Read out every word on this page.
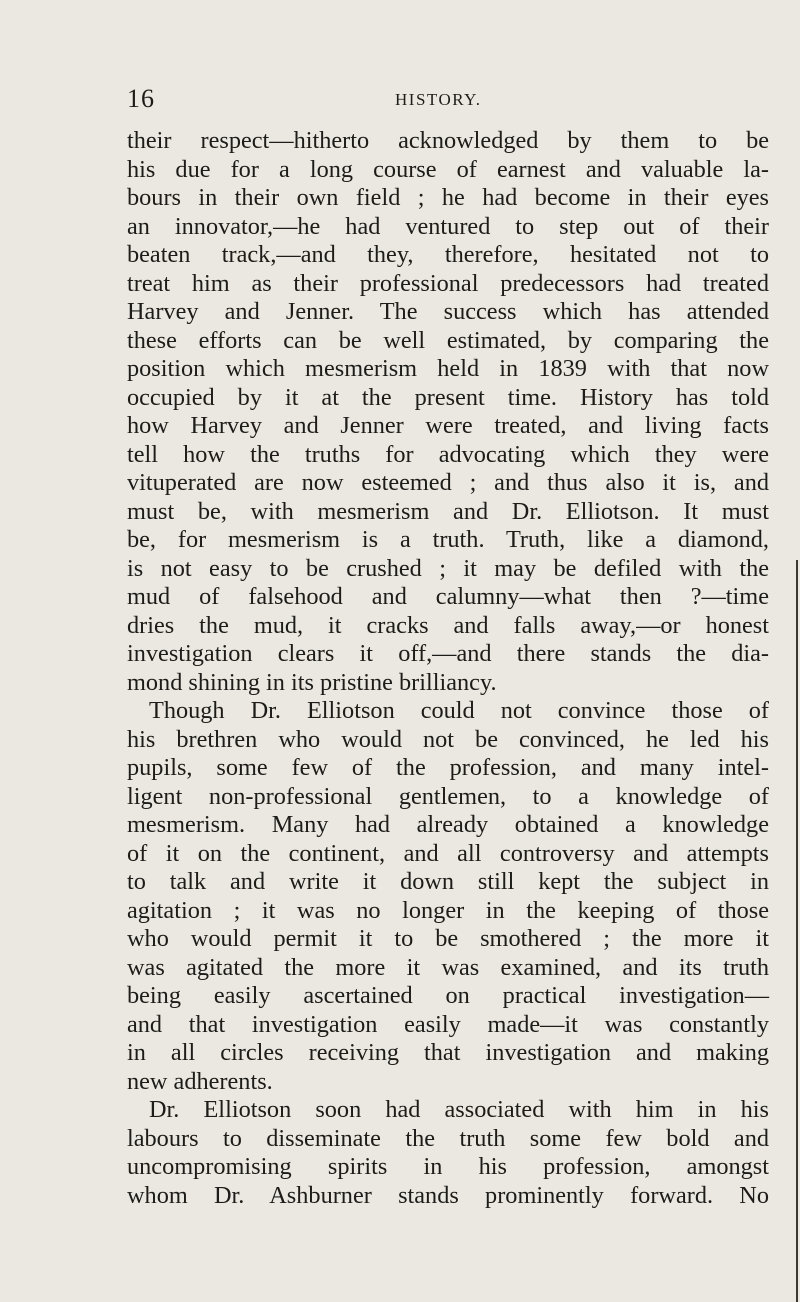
16	HISTORY.
their respect—hitherto acknowledged by them to be
his due for a long course of earnest and valuable la-
bours in their own field ; he had become in their eyes
an innovator,—he had ventured to step out of their
beaten track,—and they, therefore, hesitated not to
treat him as their professional predecessors had treated
Harvey and Jenner. The success which has attended
these efforts can be well estimated, by comparing the
position which mesmerism held in 1839 with that now
occupied by it at the present time. History has told
how Harvey and Jenner were treated, and living facts
tell how the truths for advocating which they were
vituperated are now esteemed ; and thus also it is, and
must be, with mesmerism and Dr. Elliotson. It must
be, for mesmerism is a truth. Truth, like a diamond,
is not easy to be crushed ; it may be defiled with the
mud of falsehood and calumny—what then ?—time
dries the mud, it cracks and falls away,—or honest
investigation clears it off,—and there stands the dia-
mond shining in its pristine brilliancy.
Though Dr. Elliotson could not convince those of
his brethren who would not be convinced, he led his
pupils, some few of the profession, and many intel-
ligent non-professional gentlemen, to a knowledge of
mesmerism. Many had already obtained a knowledge
of it on the continent, and all controversy and attempts
to talk and write it down still kept the subject in
agitation ; it was no longer in the keeping of those
who would permit it to be smothered ; the more it
was agitated the more it was examined, and its truth
being easily ascertained on practical investigation—
and that investigation easily made—it was constantly
in all circles receiving that investigation and making
new adherents.
Dr. Elliotson soon had associated with him in his
labours to disseminate the truth some few bold and
uncompromising spirits in his profession, amongst
whom Dr. Ashburner stands prominently forward. No
